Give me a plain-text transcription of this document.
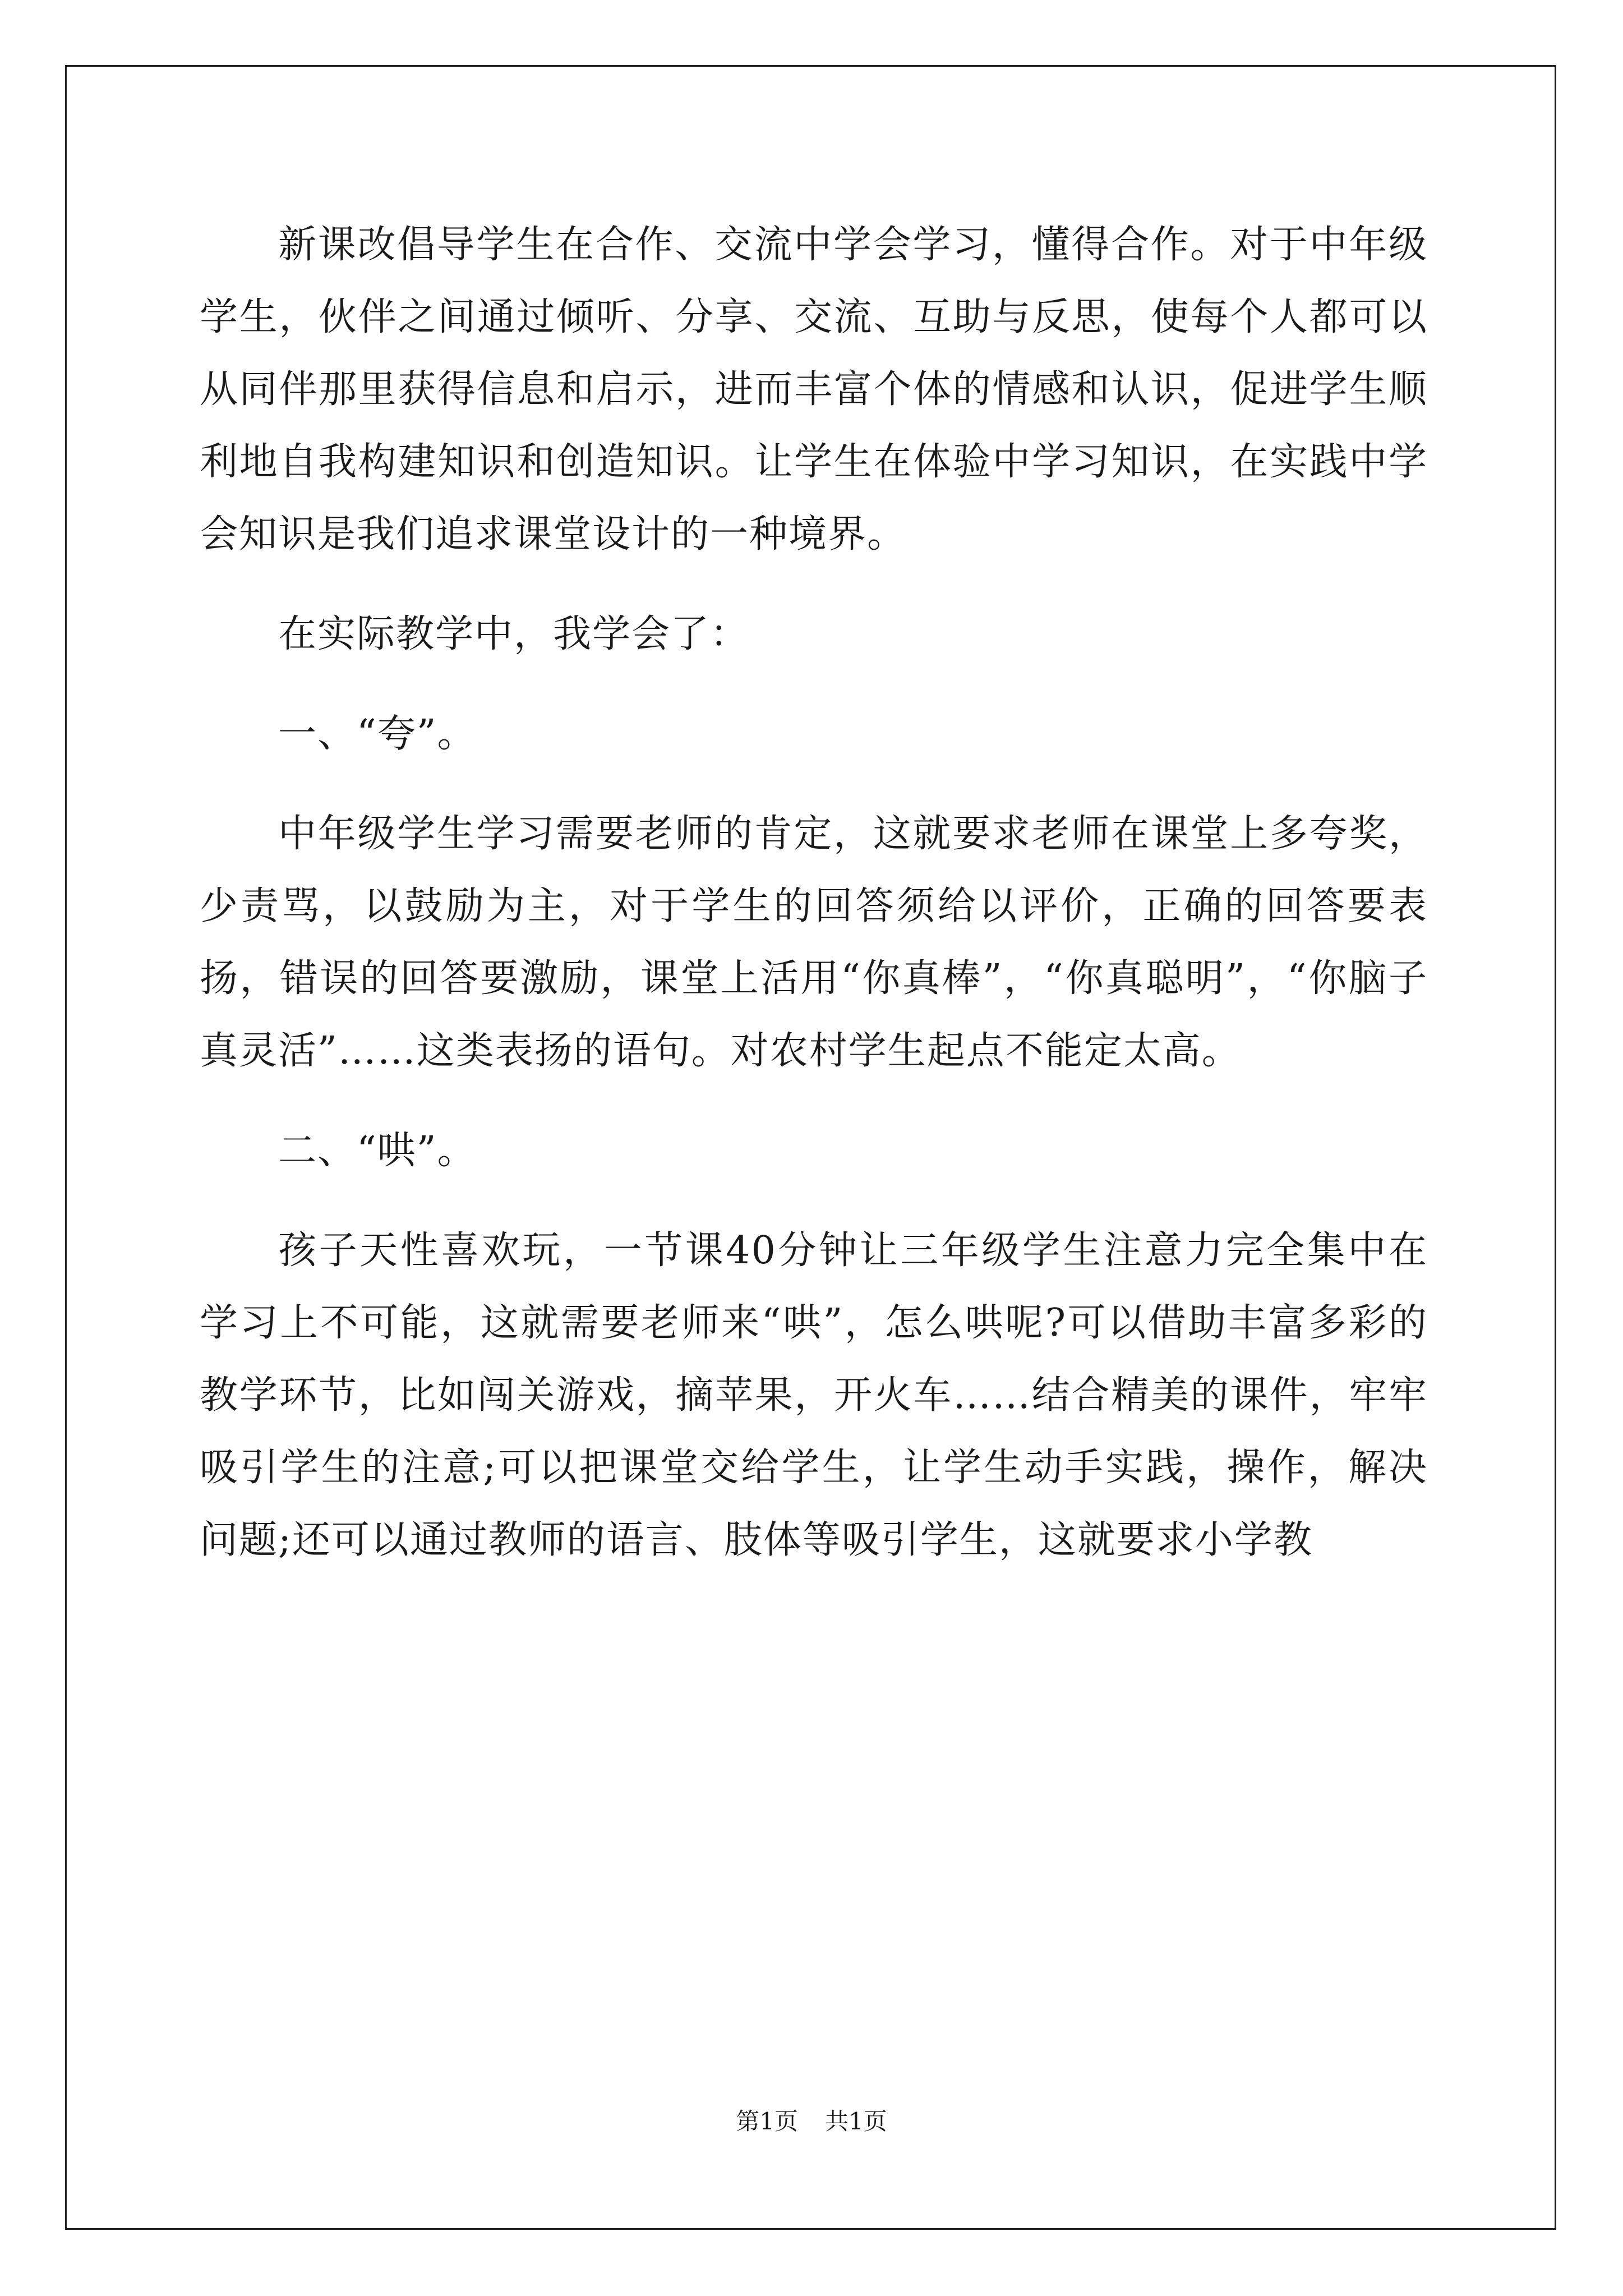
新课改倡导学生在合作、交流中学会学习，懂得合作。对于中年级学生，伙伴之间通过倾听、分享、交流、互助与反思，使每个人都可以从同伴那里获得信息和启示，进而丰富个体的情感和认识，促进学生顺利地自我构建知识和创造知识。让学生在体验中学习知识，在实践中学会知识是我们追求课堂设计的一种境界。

在实际教学中，我学会了：

一、“夸”。

中年级学生学习需要老师的肯定，这就要求老师在课堂上多夸奖，少责骂，以鼓励为主，对于学生的回答须给以评价，正确的回答要表扬，错误的回答要激励，课堂上活用“你真棒”，“你真聪明”，“你脑子真灵活”……这类表扬的语句。对农村学生起点不能定太高。

二、“哄”。

孩子天性喜欢玩，一节课40分钟让三年级学生注意力完全集中在学习上不可能，这就需要老师来“哄”，怎么哄呢?可以借助丰富多彩的教学环节，比如闯关游戏，摘苹果，开火车……结合精美的课件，牢牢吸引学生的注意;可以把课堂交给学生，让学生动手实践，操作，解决问题;还可以通过教师的语言、肢体等吸引学生，这就要求小学教

第1页 共1页
